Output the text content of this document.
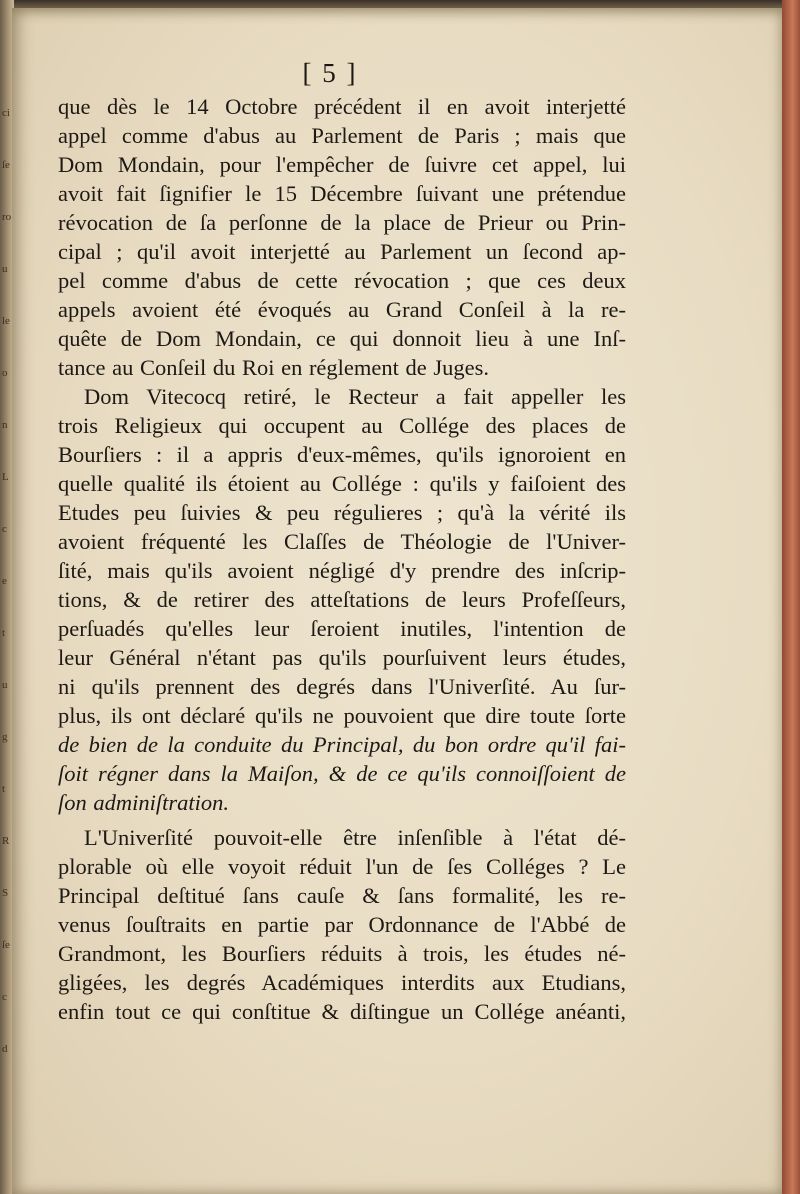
ci

ſe

ro

u

le

o

n

L

c

e

t

u

g

t

R

S

ſe

c

d
[ 5 ]
que dès le 14 Octobre précédent il en avoit interjetté
appel comme d'abus au Parlement de Paris ; mais que
Dom Mondain, pour l'empêcher de ſuivre cet appel, lui
avoit fait ſignifier le 15 Décembre ſuivant une prétendue
révocation de ſa perſonne de la place de Prieur ou Prin-
cipal ; qu'il avoit interjetté au Parlement un ſecond ap-
pel comme d'abus de cette révocation ; que ces deux
appels avoient été évoqués au Grand Conſeil à la re-
quête de Dom Mondain, ce qui donnoit lieu à une Inſ-
tance au Conſeil du Roi en réglement de Juges.
Dom Vitecocq retiré, le Recteur a fait appeller les
trois Religieux qui occupent au Collége des places de
Bourſiers : il a appris d'eux-mêmes, qu'ils ignoroient en
quelle qualité ils étoient au Collége : qu'ils y faiſoient des
Etudes peu ſuivies & peu régulieres ; qu'à la vérité ils
avoient fréquenté les Claſſes de Théologie de l'Univer-
ſité, mais qu'ils avoient négligé d'y prendre des inſcrip-
tions, & de retirer des atteſtations de leurs Profeſſeurs,
perſuadés qu'elles leur ſeroient inutiles, l'intention de
leur Général n'étant pas qu'ils pourſuivent leurs études,
ni qu'ils prennent des degrés dans l'Univerſité. Au ſur-
plus, ils ont déclaré qu'ils ne pouvoient que dire toute ſorte
de bien de la conduite du Principal, du bon ordre qu'il fai-
ſoit régner dans la Maiſon, & de ce qu'ils connoiſſoient de
ſon adminiſtration.
L'Univerſité pouvoit-elle être inſenſible à l'état dé-
plorable où elle voyoit réduit l'un de ſes Colléges ? Le
Principal deſtitué ſans cauſe & ſans formalité, les re-
venus ſouſtraits en partie par Ordonnance de l'Abbé de
Grandmont, les Bourſiers réduits à trois, les études né-
gligées, les degrés Académiques interdits aux Etudians,
enfin tout ce qui conſtitue & diſtingue un Collége anéanti,
